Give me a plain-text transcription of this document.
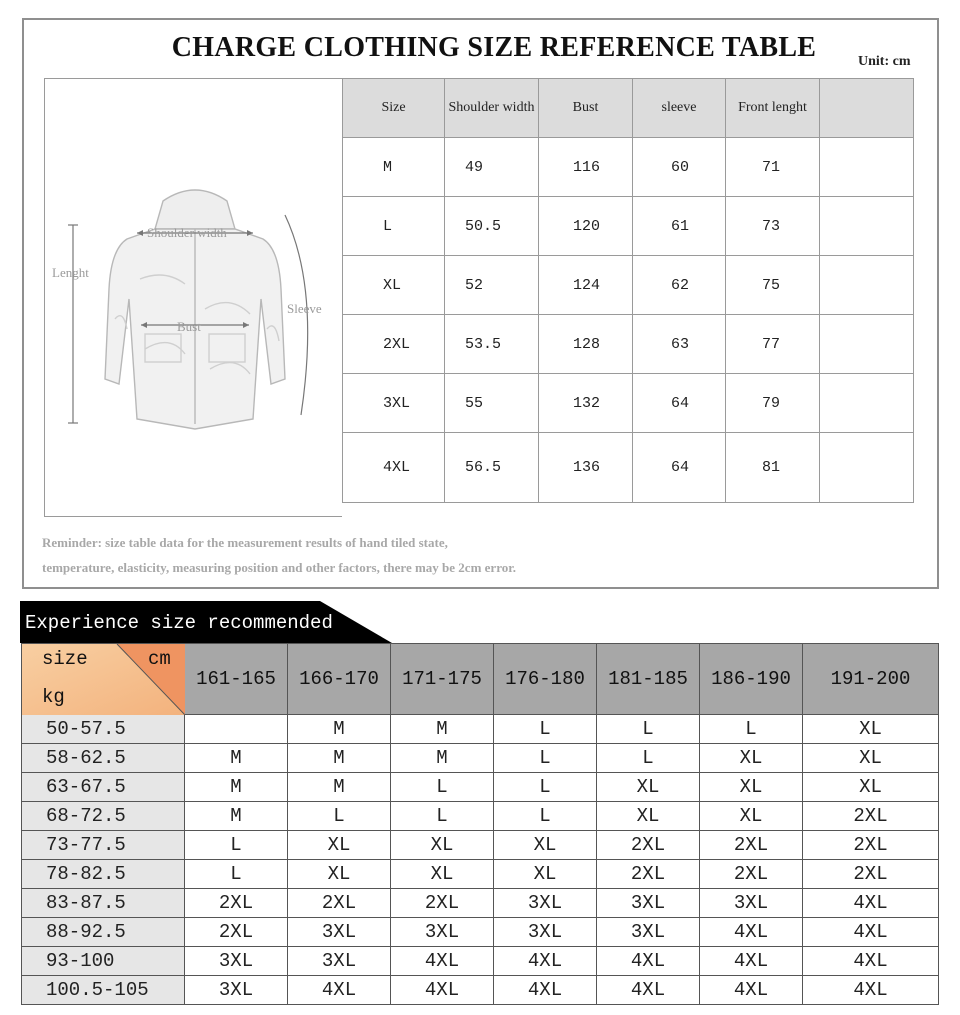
CHARGE CLOTHING SIZE REFERENCE TABLE	Unit: cm
Shoulder width
Lenght
Sleeve
Bust
Size	Shoulder width	Bust	sleeve	Front lenght	
M	49	116	60	71	
L	50.5	120	61	73	
XL	52	124	62	75	
2XL	53.5	128	63	77	
3XL	55	132	64	79	
4XL	56.5	136	64	81	
Reminder: size table data for the measurement results of hand tiled state,
temperature, elasticity, measuring position and other factors, there may be 2cm error.
Experience size recommended
size cm
kg	161-165	166-170	171-175	176-180	181-185	186-190	191-200
50-57.5		M	M	L	L	L	XL
58-62.5	M	M	M	L	L	XL	XL
63-67.5	M	M	L	L	XL	XL	XL
68-72.5	M	L	L	L	XL	XL	2XL
73-77.5	L	XL	XL	XL	2XL	2XL	2XL
78-82.5	L	XL	XL	XL	2XL	2XL	2XL
83-87.5	2XL	2XL	2XL	3XL	3XL	3XL	4XL
88-92.5	2XL	3XL	3XL	3XL	3XL	4XL	4XL
93-100	3XL	3XL	4XL	4XL	4XL	4XL	4XL
100.5-105	3XL	4XL	4XL	4XL	4XL	4XL	4XL
